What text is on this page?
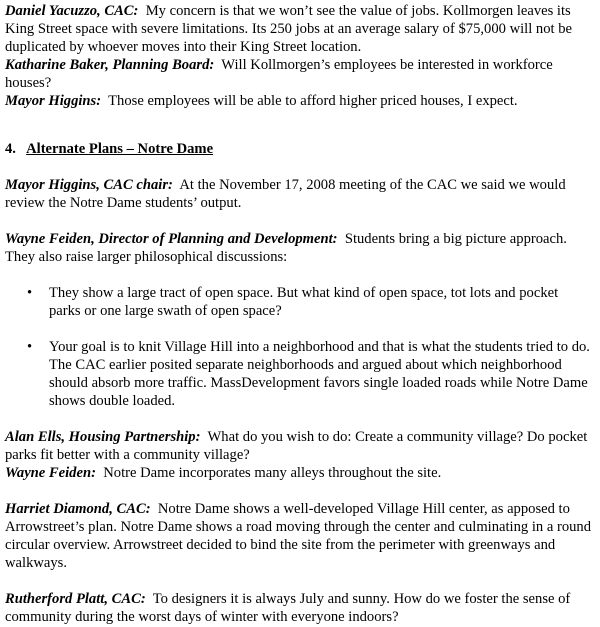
Daniel Yacuzzo, CAC: My concern is that we won’t see the value of jobs. Kollmorgen leaves its King Street space with severe limitations. Its 250 jobs at an average salary of $75,000 will not be duplicated by whoever moves into their King Street location.

Katharine Baker, Planning Board: Will Kollmorgen’s employees be interested in workforce houses?

Mayor Higgins: Those employees will be able to afford higher priced houses, I expect.

4. Alternate Plans – Notre Dame

Mayor Higgins, CAC chair: At the November 17, 2008 meeting of the CAC we said we would review the Notre Dame students’ output.

Wayne Feiden, Director of Planning and Development: Students bring a big picture approach. They also raise larger philosophical discussions:

• They show a large tract of open space. But what kind of open space, tot lots and pocket parks or one large swath of open space?
• Your goal is to knit Village Hill into a neighborhood and that is what the students tried to do. The CAC earlier posited separate neighborhoods and argued about which neighborhood should absorb more traffic. MassDevelopment favors single loaded roads while Notre Dame shows double loaded.

Alan Ells, Housing Partnership: What do you wish to do: Create a community village? Do pocket parks fit better with a community village?

Wayne Feiden: Notre Dame incorporates many alleys throughout the site.

Harriet Diamond, CAC: Notre Dame shows a well-developed Village Hill center, as apposed to Arrowstreet’s plan. Notre Dame shows a road moving through the center and culminating in a round circular overview. Arrowstreet decided to bind the site from the perimeter with greenways and walkways.

Rutherford Platt, CAC: To designers it is always July and sunny. How do we foster the sense of community during the worst days of winter with everyone indoors?
